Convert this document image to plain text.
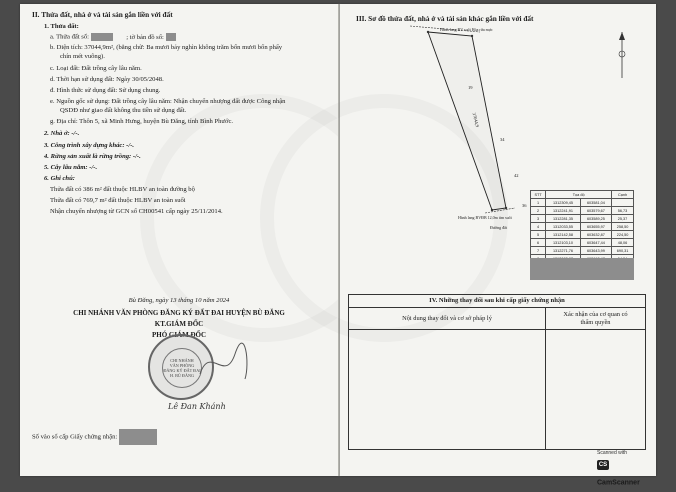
II. Thửa đất, nhà ở và tài sản gắn liền với đất
1. Thửa đất:
a. Thửa đất số:	; tờ bản đồ số:
b. Diện tích: 37044,9m², (bằng chữ: Ba mươi bảy nghìn không trăm bốn mươi bốn phẩy
chín mét vuông).
c. Loại đất: Đất trồng cây lâu năm.
d. Thời hạn sử dụng đất: Ngày 30/05/2048.
đ. Hình thức sử dụng đất: Sử dụng chung.
e. Nguồn gốc sử dụng: Đất trồng cây lâu năm: Nhận chuyển nhượng đất được Công nhận
QSDĐ như giao đất không thu tiền sử dụng đất.
g. Địa chỉ: Thôn 5, xã Minh Hưng, huyện Bù Đăng, tỉnh Bình Phước.
2. Nhà ở: -/-.
3. Công trình xây dựng khác: -/-.
4. Rừng sản xuất là rừng trồng: -/-.
5. Cây lâu năm: -/-.
6. Ghi chú:
Thửa đất có 386 m² đất thuộc HLBV an toàn đường bộ
Thửa đất có 769,7 m² đất thuộc HLBV an toàn suối
Nhận chuyển nhượng từ GCN số CH00541 cấp ngày 25/11/2014.
Bù Đăng, ngày 13 tháng 10 năm 2024
CHI NHÁNH VĂN PHÒNG ĐĂNG KÝ ĐẤT ĐAI HUYỆN BÙ ĐĂNG
KT.GIÁM ĐỐC
PHÓ GIÁM ĐỐC
CHI NHÁNH
VĂN PHÒNG
ĐĂNG KÝ ĐẤT ĐAI
H. BÙ ĐĂNG
Lê Đan Khánh
Số vào sổ cấp Giấy chứng nhận:
III. Sơ đồ thửa đất, nhà ở và tài sản khác gắn liền với đất
Hành lang BV suối Hòa rửa mực
Hành lang BVĐB 12,0m tim suối
Đường đất
37044,9
19
34
42
36
STT	Tọa độ		Cạnh
1	1312309,45	603581,04	
2	1312241,91	603579,67	56,73
3	1312281,35	603589,25	25,37
4	1312033,55	603655,97	258,50
5	1312142,58	603632,87	224,50
6	1312103,10	603647,44	48,06
7	1312271,76	603643,99	690,31

IV. Những thay đổi sau khi cấp giấy chứng nhận
Nội dung thay đổi và cơ sở pháp lý
Xác nhận của cơ quan có
thẩm quyền
Scanned with
CS CamScanner
